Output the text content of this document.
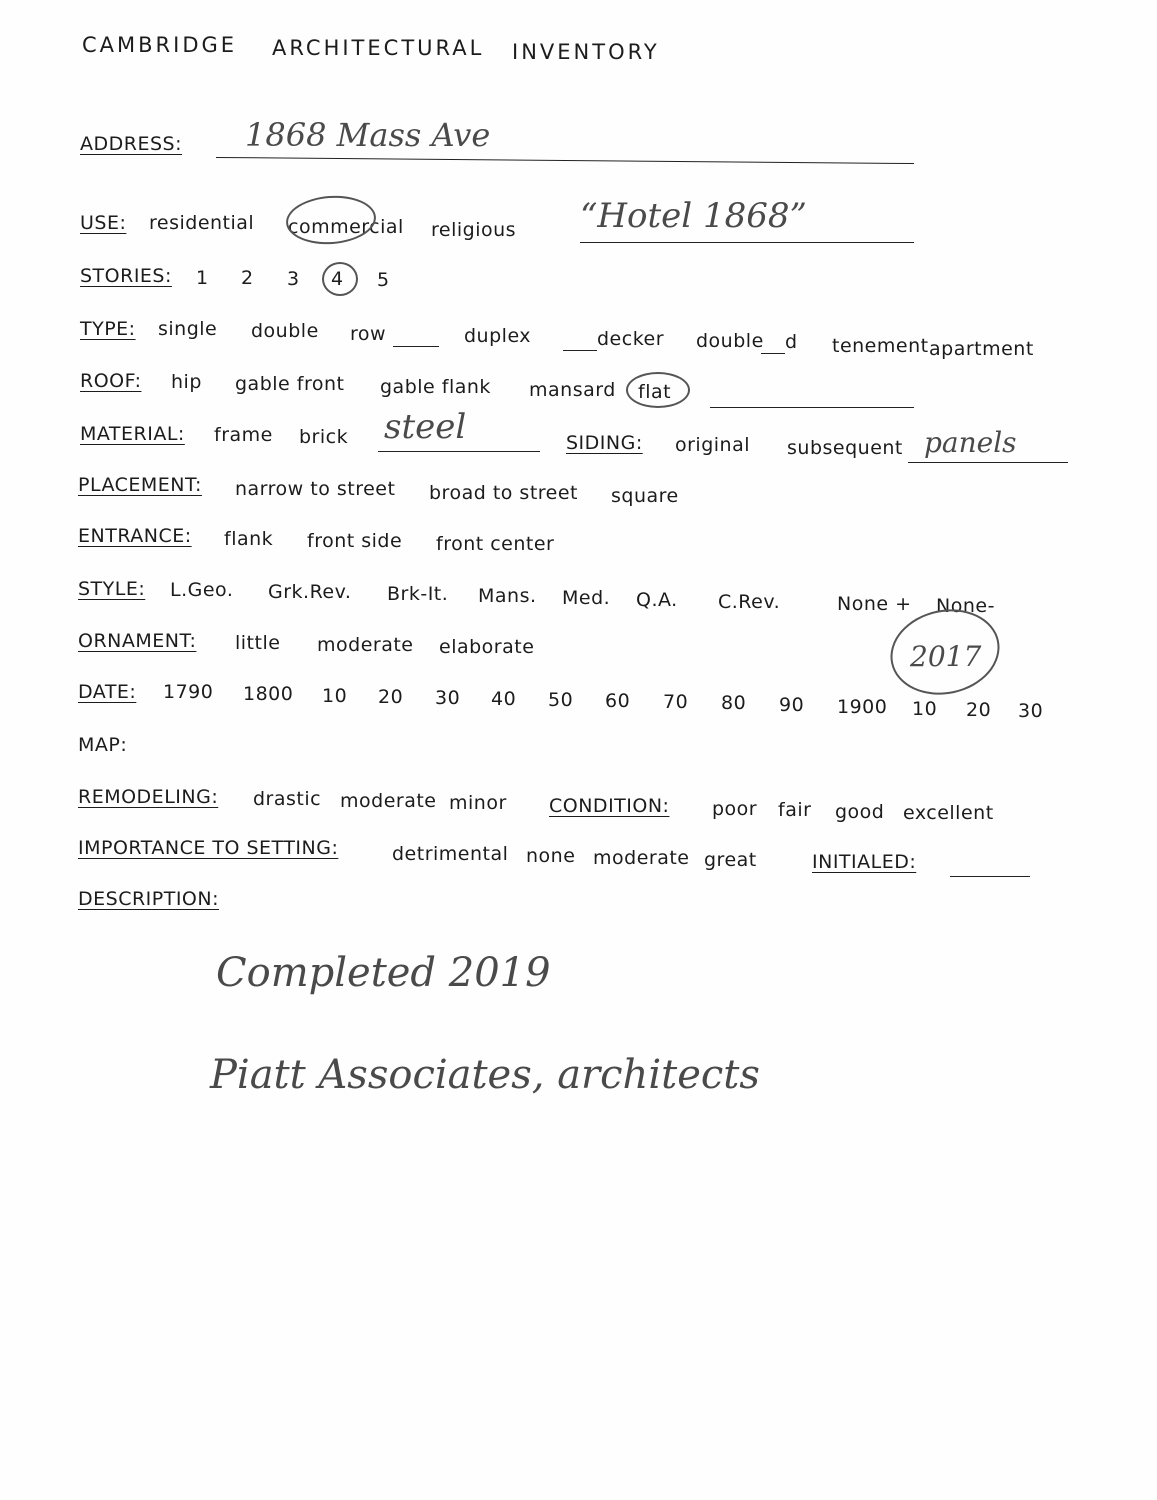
CAMBRIDGE ARCHITECTURAL INVENTORY
ADDRESS: 1868 Mass Ave
USE: residential commercial religious “Hotel 1868”
STORIES: 1 2 3 4 5
TYPE: single double row	duplex	decker double d tenement apartment
ROOF: hip gable front gable flank mansard flat
MATERIAL: frame brick steel	SIDING: original subsequent panels
PLACEMENT: narrow to street broad to street square
ENTRANCE: flank front side front center
STYLE: L.Geo. Grk.Rev. Brk-It. Mans. Med. Q.A. C.Rev.	None + None-
ORNAMENT: little moderate elaborate	2017
DATE: 1790 1800 10 20 30 40 50 60 70 80 90 1900 10 20 30
MAP:
REMODELING: drastic moderate minor CONDITION: poor fair good excellent
IMPORTANCE TO SETTING:	detrimental none moderate great	INITIALED:
DESCRIPTION:
Completed 2019
Piatt Associates, architects
